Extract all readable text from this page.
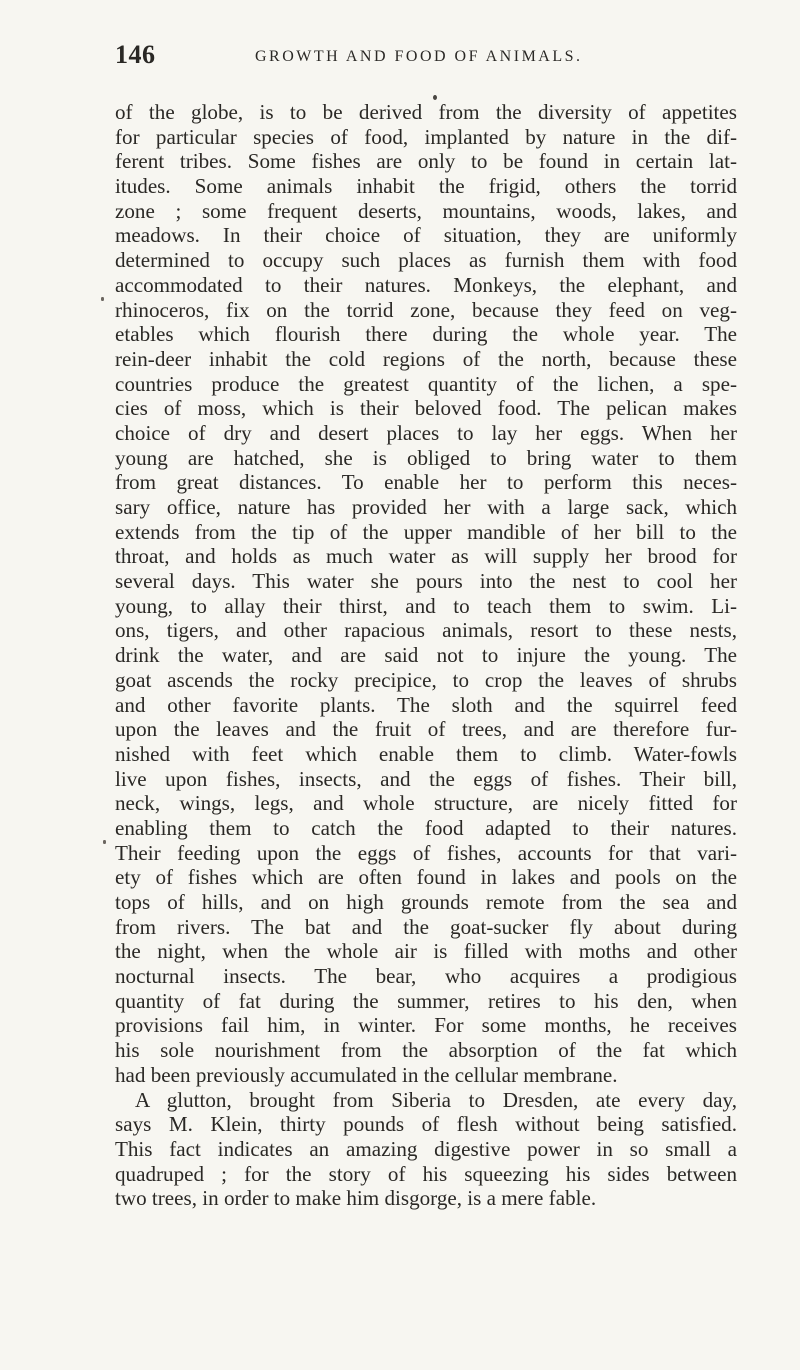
146	GROWTH AND FOOD OF ANIMALS.
of the globe, is to be derived from the diversity of appetites
for particular species of food, implanted by nature in the dif-
ferent tribes. Some fishes are only to be found in certain lat-
itudes. Some animals inhabit the frigid, others the torrid
zone ; some frequent deserts, mountains, woods, lakes, and
meadows. In their choice of situation, they are uniformly
determined to occupy such places as furnish them with food
accommodated to their natures. Monkeys, the elephant, and
rhinoceros, fix on the torrid zone, because they feed on veg-
etables which flourish there during the whole year. The
rein-deer inhabit the cold regions of the north, because these
countries produce the greatest quantity of the lichen, a spe-
cies of moss, which is their beloved food. The pelican makes
choice of dry and desert places to lay her eggs. When her
young are hatched, she is obliged to bring water to them
from great distances. To enable her to perform this neces-
sary office, nature has provided her with a large sack, which
extends from the tip of the upper mandible of her bill to the
throat, and holds as much water as will supply her brood for
several days. This water she pours into the nest to cool her
young, to allay their thirst, and to teach them to swim. Li-
ons, tigers, and other rapacious animals, resort to these nests,
drink the water, and are said not to injure the young. The
goat ascends the rocky precipice, to crop the leaves of shrubs
and other favorite plants. The sloth and the squirrel feed
upon the leaves and the fruit of trees, and are therefore fur-
nished with feet which enable them to climb. Water-fowls
live upon fishes, insects, and the eggs of fishes. Their bill,
neck, wings, legs, and whole structure, are nicely fitted for
enabling them to catch the food adapted to their natures.
Their feeding upon the eggs of fishes, accounts for that vari-
ety of fishes which are often found in lakes and pools on the
tops of hills, and on high grounds remote from the sea and
from rivers. The bat and the goat-sucker fly about during
the night, when the whole air is filled with moths and other
nocturnal insects. The bear, who acquires a prodigious
quantity of fat during the summer, retires to his den, when
provisions fail him, in winter. For some months, he receives
his sole nourishment from the absorption of the fat which
had been previously accumulated in the cellular membrane.
A glutton, brought from Siberia to Dresden, ate every day,
says M. Klein, thirty pounds of flesh without being satisfied.
This fact indicates an amazing digestive power in so small a
quadruped ; for the story of his squeezing his sides between
two trees, in order to make him disgorge, is a mere fable.
